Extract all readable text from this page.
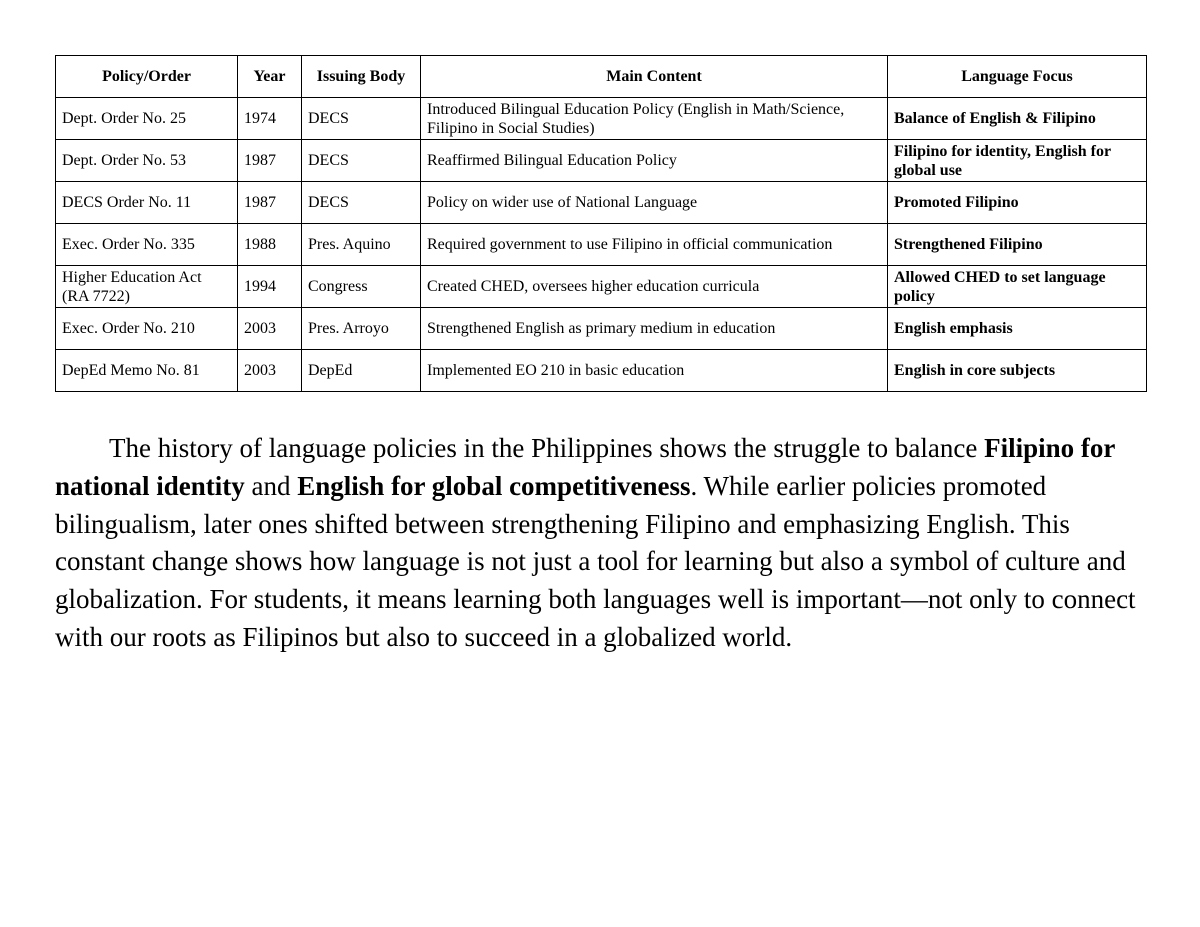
Policy/Order	Year	Issuing Body	Main Content	Language Focus
Dept. Order No. 25	1974	DECS	Introduced Bilingual Education Policy (English in Math/Science, Filipino in Social Studies)	Balance of English & Filipino
Dept. Order No. 53	1987	DECS	Reaffirmed Bilingual Education Policy	Filipino for identity, English for global use
DECS Order No. 11	1987	DECS	Policy on wider use of National Language	Promoted Filipino
Exec. Order No. 335	1988	Pres. Aquino	Required government to use Filipino in official communication	Strengthened Filipino
Higher Education Act (RA 7722)	1994	Congress	Created CHED, oversees higher education curricula	Allowed CHED to set language policy
Exec. Order No. 210	2003	Pres. Arroyo	Strengthened English as primary medium in education	English emphasis
DepEd Memo No. 81	2003	DepEd	Implemented EO 210 in basic education	English in core subjects

The history of language policies in the Philippines shows the struggle to balance Filipino for national identity and English for global competitiveness. While earlier policies promoted bilingualism, later ones shifted between strengthening Filipino and emphasizing English. This constant change shows how language is not just a tool for learning but also a symbol of culture and globalization. For students, it means learning both languages well is important—not only to connect with our roots as Filipinos but also to succeed in a globalized world.
